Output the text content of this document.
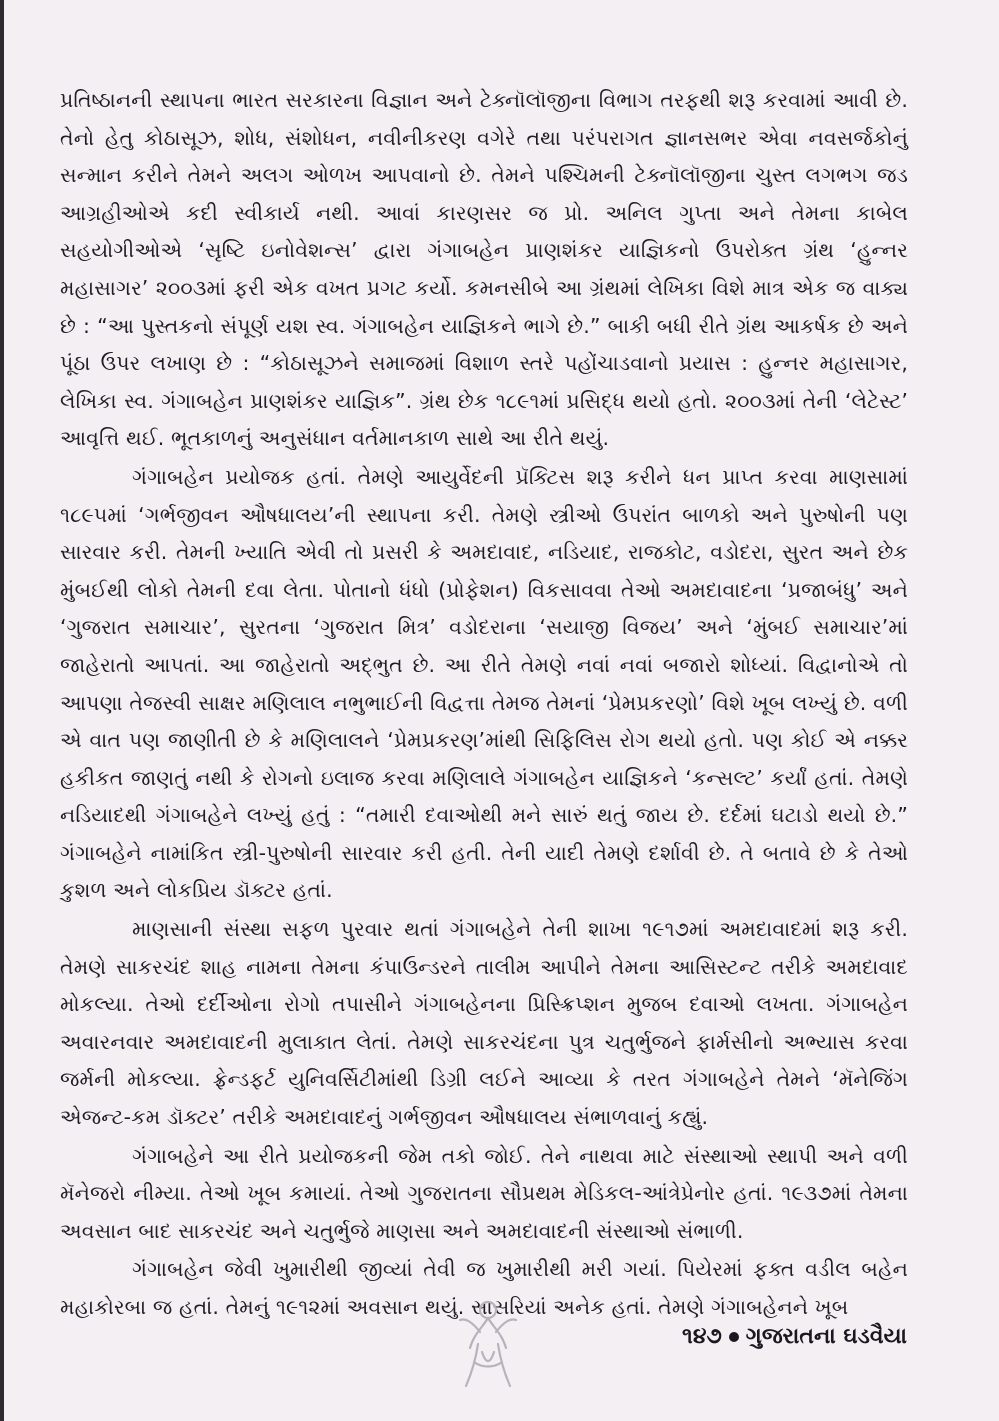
પ્રતિષ્ઠાનની સ્થાપના ભારત સરકારના વિજ્ઞાન અને ટેક્નૉલૉજીના વિભાગ તરફથી શરૂ કરવામાં આવી છે. તેનો હેતુ કોઠાસૂઝ, શોધ, સંશોધન, નવીનીકરણ વગેરે તથા પરંપરાગત જ્ઞાનસભર એવા નવસર્જકોનું સન્માન કરીને તેમને અલગ ઓળખ આપવાનો છે. તેમને પશ્ચિમની ટેક્નૉલૉજીના ચુસ્ત લગભગ જડ આગ્રહીઓએ કદી સ્વીકાર્ય નથી. આવાં કારણસર જ પ્રો. અનિલ ગુપ્તા અને તેમના કાબેલ સહયોગીઓએ ‘સૃષ્ટિ ઇનોવેશન્સ’ દ્વારા ગંગાબહેન પ્રાણશંકર યાજ્ઞિકનો ઉપરોક્ત ગ્રંથ ‘હુન્નર મહાસાગર’ ૨૦૦૩માં ફરી એક વખત પ્રગટ કર્યો. કમનસીબે આ ગ્રંથમાં લેખિકા વિશે માત્ર એક જ વાક્ય છે : “આ પુસ્તકનો સંપૂર્ણ યશ સ્વ. ગંગાબહેન યાજ્ઞિકને ભાગે છે.” બાકી બધી રીતે ગ્રંથ આકર્ષક છે અને પૂંઠા ઉપર લખાણ છે : “કોઠાસૂઝને સમાજમાં વિશાળ સ્તરે પહોંચાડવાનો પ્રયાસ : હુન્નર મહાસાગર, લેખિકા સ્વ. ગંગાબહેન પ્રાણશંકર યાજ્ઞિક”. ગ્રંથ છેક ૧૮૯૧માં પ્રસિદ્ધ થયો હતો. ૨૦૦૩માં તેની ‘લેટેસ્ટ’ આવૃત્તિ થઈ. ભૂતકાળનું અનુસંધાન વર્તમાનકાળ સાથે આ રીતે થયું.

ગંગાબહેન પ્રયોજક હતાં. તેમણે આયુર્વેદની પ્રૅક્ટિસ શરૂ કરીને ધન પ્રાપ્ત કરવા માણસામાં ૧૮૯૫માં ‘ગર્ભજીવન ઔષધાલય’ની સ્થાપના કરી. તેમણે સ્ત્રીઓ ઉપરાંત બાળકો અને પુરુષોની પણ સારવાર કરી. તેમની ખ્યાતિ એવી તો પ્રસરી કે અમદાવાદ, નડિયાદ, રાજકોટ, વડોદરા, સુરત અને છેક મુંબઈથી લોકો તેમની દવા લેતા. પોતાનો ધંધો (પ્રોફેશન) વિકસાવવા તેઓ અમદાવાદના ‘પ્રજાબંધુ’ અને ‘ગુજરાત સમાચાર’, સુરતના ‘ગુજરાત મિત્ર’ વડોદરાના ‘સયાજી વિજય’ અને ‘મુંબઈ સમાચાર’માં જાહેરાતો આપતાં. આ જાહેરાતો અદ્‌ભુત છે. આ રીતે તેમણે નવાં નવાં બજારો શોધ્યાં. વિદ્વાનોએ તો આપણા તેજસ્વી સાક્ષર મણિલાલ નભુભાઈની વિદ્વત્તા તેમજ તેમનાં ‘પ્રેમપ્રકરણો’ વિશે ખૂબ લખ્યું છે. વળી એ વાત પણ જાણીતી છે કે મણિલાલને ‘પ્રેમપ્રકરણ’માંથી સિફિલિસ રોગ થયો હતો. પણ કોઈ એ નક્કર હકીકત જાણતું નથી કે રોગનો ઇલાજ કરવા મણિલાલે ગંગાબહેન યાજ્ઞિકને ‘કન્સલ્ટ’ કર્યાં હતાં. તેમણે નડિયાદથી ગંગાબહેને લખ્યું હતું : “તમારી દવાઓથી મને સારું થતું જાય છે. દર્દમાં ઘટાડો થયો છે.” ગંગાબહેને નામાંકિત સ્ત્રી-પુરુષોની સારવાર કરી હતી. તેની યાદી તેમણે દર્શાવી છે. તે બતાવે છે કે તેઓ કુશળ અને લોકપ્રિય ડૉક્ટર હતાં.

માણસાની સંસ્થા સફળ પુરવાર થતાં ગંગાબહેને તેની શાખા ૧૯૧૭માં અમદાવાદમાં શરૂ કરી. તેમણે સાકરચંદ શાહ નામના તેમના કંપાઉન્ડરને તાલીમ આપીને તેમના આસિસ્ટન્ટ તરીકે અમદાવાદ મોકલ્યા. તેઓ દર્દીઓના રોગો તપાસીને ગંગાબહેનના પ્રિસ્ક્રિપ્શન મુજબ દવાઓ લખતા. ગંગાબહેન અવારનવાર અમદાવાદની મુલાકાત લેતાં. તેમણે સાકરચંદના પુત્ર ચતુર્ભુજને ફાર્મસીનો અભ્યાસ કરવા જર્મની મોકલ્યા. ફ્રેન્ડફર્ટ યુનિવર્સિટીમાંથી ડિગ્રી લઈને આવ્યા કે તરત ગંગાબહેને તેમને ‘મૅનેજિંગ એજન્ટ-કમ ડૉક્ટર’ તરીકે અમદાવાદનું ગર્ભજીવન ઔષધાલય સંભાળવાનું કહ્યું.

ગંગાબહેને આ રીતે પ્રયોજકની જેમ તકો જોઈ. તેને નાથવા માટે સંસ્થાઓ સ્થાપી અને વળી મૅનેજરો નીમ્યા. તેઓ ખૂબ કમાયાં. તેઓ ગુજરાતના સૌપ્રથમ મેડિકલ-આંત્રેપ્રેનોર હતાં. ૧૯૩૭માં તેમના અવસાન બાદ સાકરચંદ અને ચતુર્ભુજે માણસા અને અમદાવાદની સંસ્થાઓ સંભાળી.

ગંગાબહેન જેવી ખુમારીથી જીવ્યાં તેવી જ ખુમારીથી મરી ગયાં. પિયેરમાં ફક્ત વડીલ બહેન મહાકોરબા જ હતાં. તેમનું ૧૯૧૨માં અવસાન થયું. સાસરિયાં અનેક હતાં. તેમણે ગંગાબહેનને ખૂબ

૧૪૭ ગુજરાતના ઘડવૈયા
